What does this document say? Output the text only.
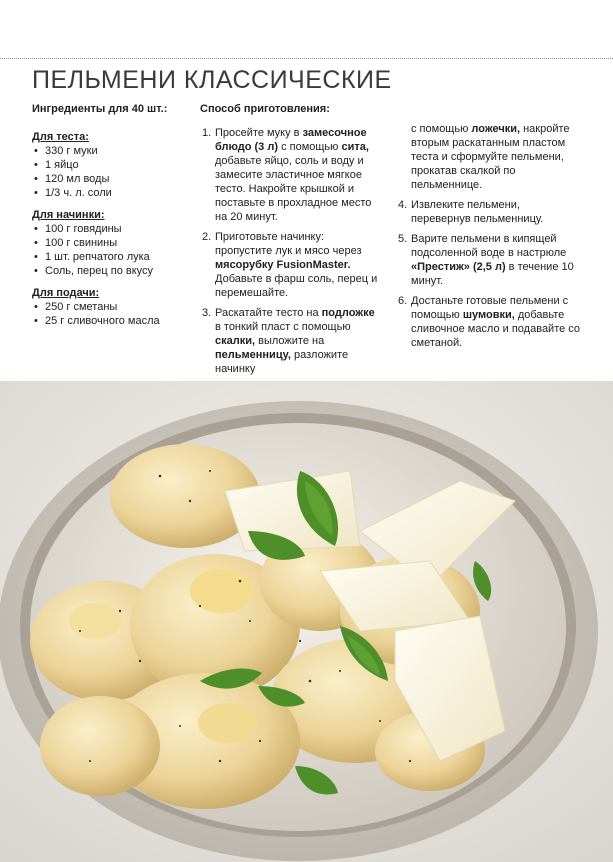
ПЕЛЬМЕНИ КЛАССИЧЕСКИЕ

Ингредиенты для 40 шт.:

Для теста:
• 330 г муки
• 1 яйцо
• 120 мл воды
• 1/3 ч. л. соли
Для начинки:
• 100 г говядины
• 100 г свинины
• 1 шт. репчатого лука
• Соль, перец по вкусу
Для подачи:
• 250 г сметаны
• 25 г сливочного масла

Способ приготовления:

1. Просейте муку в замесочное блюдо (3 л) с помощью сита, добавьте яйцо, соль и воду и замесите эластичное мягкое тесто. Накройте крышкой и поставьте в прохладное место на 20 минут.
2. Приготовьте начинку: пропустите лук и мясо через мясорубку FusionMaster. Добавьте в фарш соль, перец и перемешайте.
3. Раскатайте тесто на подложке в тонкий пласт с помощью скалки, выложите на пельменницу, разложите начинку
с помощью ложечки, накройте вторым раскатанным пластом теста и сформуйте пельмени, прокатав скалкой по пельменнице.
4. Извлеките пельмени, перевернув пельменницу.
5. Варите пельмени в кипящей подсоленной воде в настрюле «Престиж» (2,5 л) в течение 10 минут.
6. Достаньте готовые пельмени с помощью шумовки, добавьте сливочное масло и подавайте со сметаной.
